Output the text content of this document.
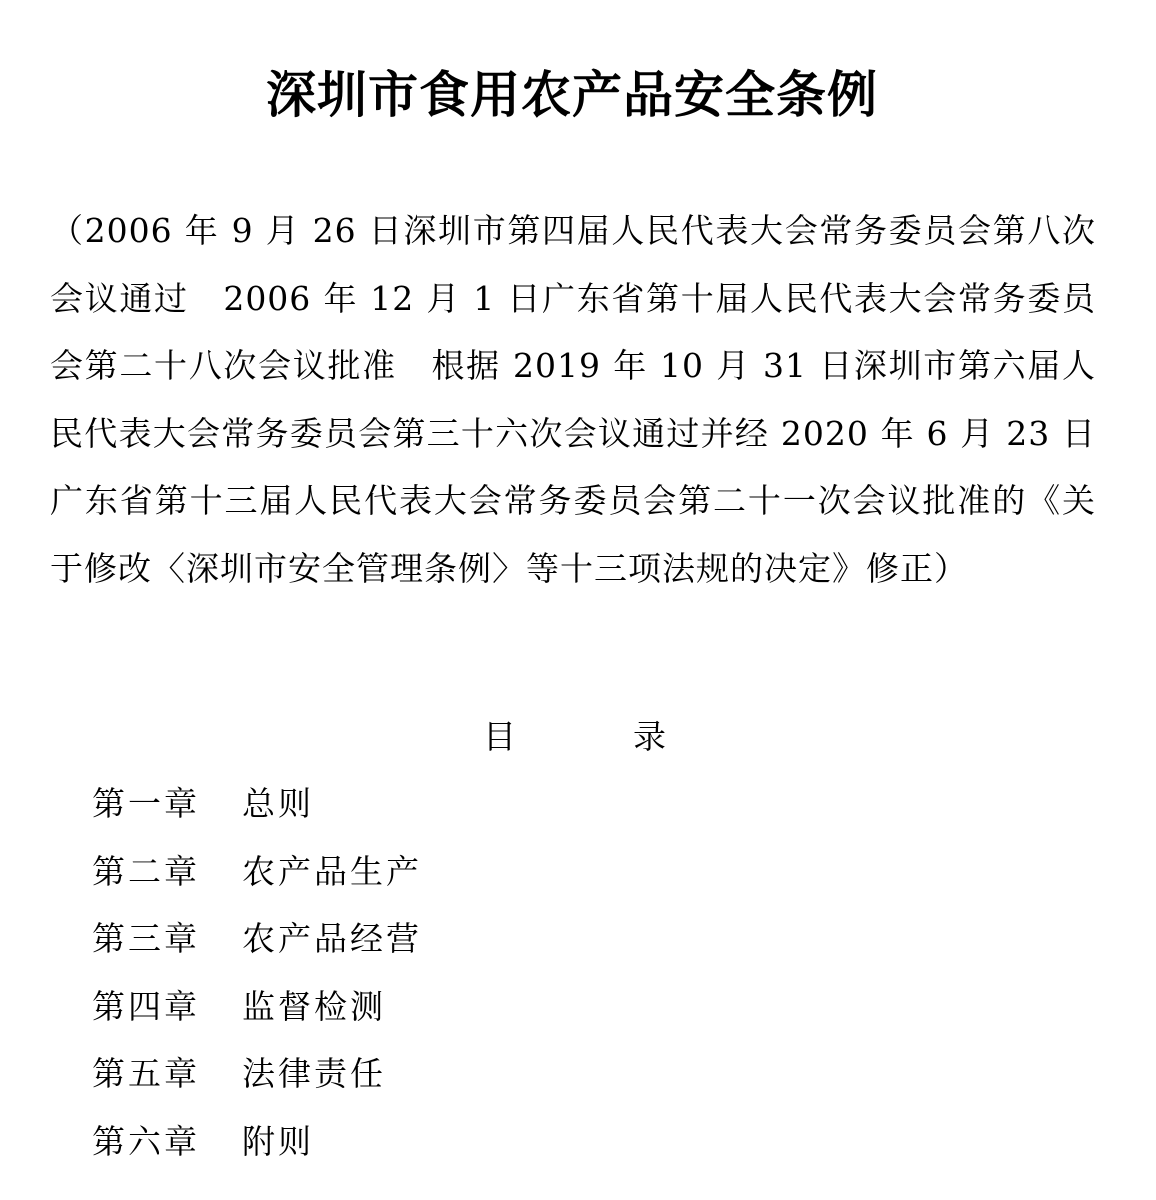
深圳市食用农产品安全条例

（2006 年 9 月 26 日深圳市第四届人民代表大会常务委员会第八次会议通过　2006 年 12 月 1 日广东省第十届人民代表大会常务委员会第二十八次会议批准　根据 2019 年 10 月 31 日深圳市第六届人民代表大会常务委员会第三十六次会议通过并经 2020 年 6 月 23 日广东省第十三届人民代表大会常务委员会第二十一次会议批准的《关于修改〈深圳市安全管理条例〉等十三项法规的决定》修正）

目	录
第一章 总则
第二章 农产品生产
第三章 农产品经营
第四章 监督检测
第五章 法律责任
第六章 附则
